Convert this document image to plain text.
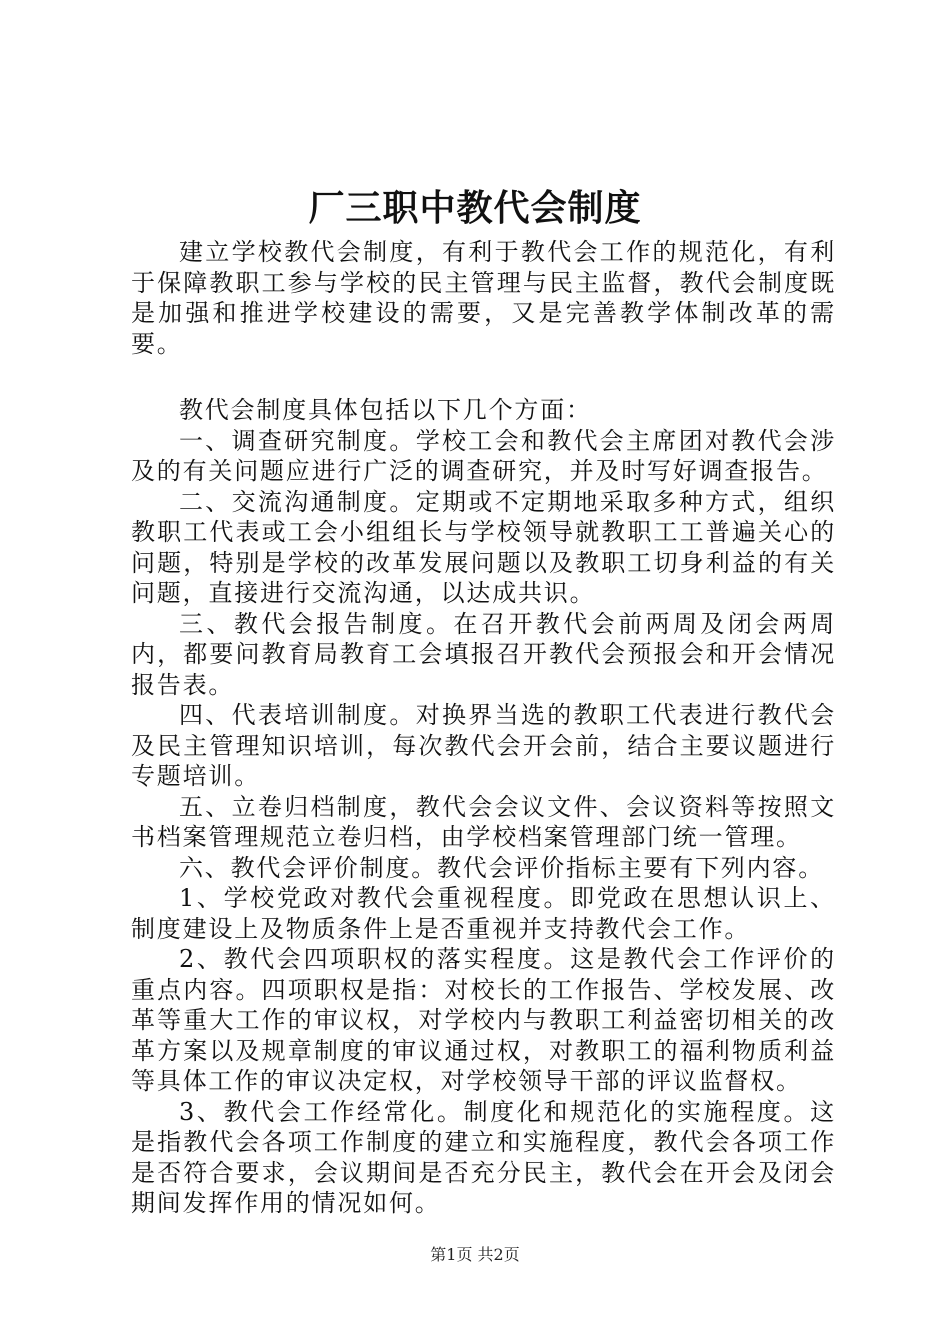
厂三职中教代会制度

建立学校教代会制度，有利于教代会工作的规范化，有利于保障教职工参与学校的民主管理与民主监督，教代会制度既是加强和推进学校建设的需要，又是完善教学体制改革的需要。

教代会制度具体包括以下几个方面：

一、调查研究制度。学校工会和教代会主席团对教代会涉及的有关问题应进行广泛的调查研究，并及时写好调查报告。

二、交流沟通制度。定期或不定期地采取多种方式，组织教职工代表或工会小组组长与学校领导就教职工工普遍关心的问题，特别是学校的改革发展问题以及教职工切身利益的有关问题，直接进行交流沟通，以达成共识。

三、教代会报告制度。在召开教代会前两周及闭会两周内，都要问教育局教育工会填报召开教代会预报会和开会情况报告表。

四、代表培训制度。对换界当选的教职工代表进行教代会及民主管理知识培训，每次教代会开会前，结合主要议题进行专题培训。

五、立卷归档制度，教代会会议文件、会议资料等按照文书档案管理规范立卷归档，由学校档案管理部门统一管理。

六、教代会评价制度。教代会评价指标主要有下列内容。

1、学校党政对教代会重视程度。即党政在思想认识上、制度建设上及物质条件上是否重视并支持教代会工作。

2、教代会四项职权的落实程度。这是教代会工作评价的重点内容。四项职权是指：对校长的工作报告、学校发展、改革等重大工作的审议权，对学校内与教职工利益密切相关的改革方案以及规章制度的审议通过权，对教职工的福利物质利益等具体工作的审议决定权，对学校领导干部的评议监督权。

3、教代会工作经常化。制度化和规范化的实施程度。这是指教代会各项工作制度的建立和实施程度，教代会各项工作是否符合要求，会议期间是否充分民主，教代会在开会及闭会期间发挥作用的情况如何。

第1页 共2页
